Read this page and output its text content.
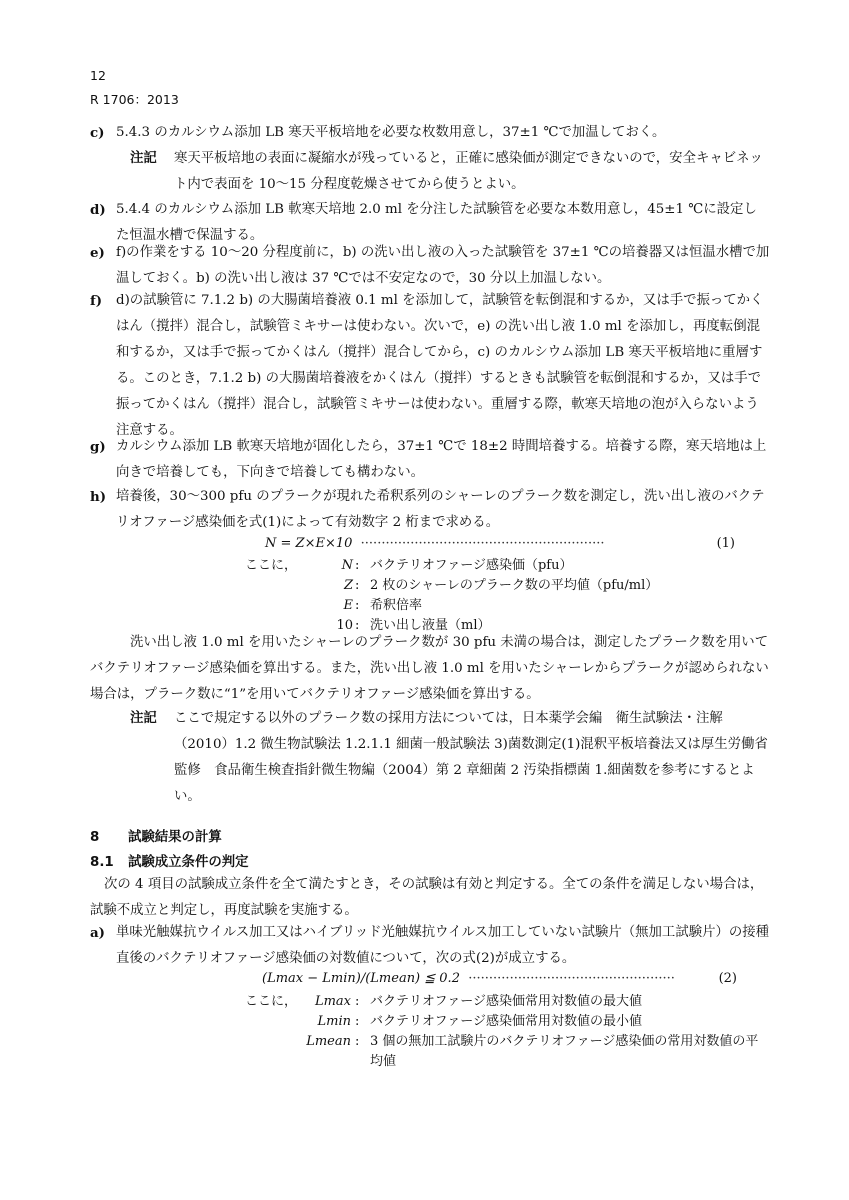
12
R 1706：2013
c) 5.4.3 のカルシウム添加 LB 寒天平板培地を必要な枚数用意し，37±1 ℃で加温しておく。
注記 寒天平板培地の表面に凝縮水が残っていると，正確に感染価が測定できないので，安全キャビネット内で表面を 10～15 分程度乾燥させてから使うとよい。
d) 5.4.4 のカルシウム添加 LB 軟寒天培地 2.0 ml を分注した試験管を必要な本数用意し，45±1 ℃に設定した恒温水槽で保温する。
e) f)の作業をする 10～20 分程度前に，b) の洗い出し液の入った試験管を 37±1 ℃の培養器又は恒温水槽で加温しておく。b) の洗い出し液は 37 ℃では不安定なので，30 分以上加温しない。
f) d)の試験管に 7.1.2 b) の大腸菌培養液 0.1 ml を添加して，試験管を転倒混和するか，又は手で振ってかくはん（撹拌）混合し，試験管ミキサーは使わない。次いで，e) の洗い出し液 1.0 ml を添加し，再度転倒混和するか，又は手で振ってかくはん（撹拌）混合してから，c) のカルシウム添加 LB 寒天平板培地に重層する。このとき，7.1.2 b) の大腸菌培養液をかくはん（撹拌）するときも試験管を転倒混和するか，又は手で振ってかくはん（撹拌）混合し，試験管ミキサーは使わない。重層する際，軟寒天培地の泡が入らないよう注意する。
g) カルシウム添加 LB 軟寒天培地が固化したら，37±1 ℃で 18±2 時間培養する。培養する際，寒天培地は上向きで培養しても，下向きで培養しても構わない。
h) 培養後，30～300 pfu のプラークが現れた希釈系列のシャーレのプラーク数を測定し，洗い出し液のバクテリオファージ感染価を式(1)によって有効数字 2 桁まで求める。
N = Z×E×10  ···························································	(1)
ここに，	N : バクテリオファージ感染価（pfu）
Z : 2 枚のシャーレのプラーク数の平均値（pfu/ml）
E : 希釈倍率
10 : 洗い出し液量（ml）
洗い出し液 1.0 ml を用いたシャーレのプラーク数が 30 pfu 未満の場合は，測定したプラーク数を用いてバクテリオファージ感染価を算出する。また，洗い出し液 1.0 ml を用いたシャーレからプラークが認められない場合は，プラーク数に“1”を用いてバクテリオファージ感染価を算出する。
注記 ここで規定する以外のプラーク数の採用方法については，日本薬学会編　衛生試験法・注解（2010）1.2 微生物試験法 1.2.1.1 細菌一般試験法 3)菌数測定(1)混釈平板培養法又は厚生労働省監修　食品衛生検査指針微生物編（2004）第 2 章細菌 2 汚染指標菌 1.細菌数を参考にするとよい。
8 試験結果の計算
8.1 試験成立条件の判定
次の 4 項目の試験成立条件を全て満たすとき，その試験は有効と判定する。全ての条件を満足しない場合は，試験不成立と判定し，再度試験を実施する。
a) 単味光触媒抗ウイルス加工又はハイブリッド光触媒抗ウイルス加工していない試験片（無加工試験片）の接種直後のバクテリオファージ感染価の対数値について，次の式(2)が成立する。
(Lmax − Lmin)/(Lmean) ≦ 0.2  ··················································	(2)
ここに，	Lmax : バクテリオファージ感染価常用対数値の最大値
Lmin : バクテリオファージ感染価常用対数値の最小値
Lmean : 3 個の無加工試験片のバクテリオファージ感染価の常用対数値の平均値
